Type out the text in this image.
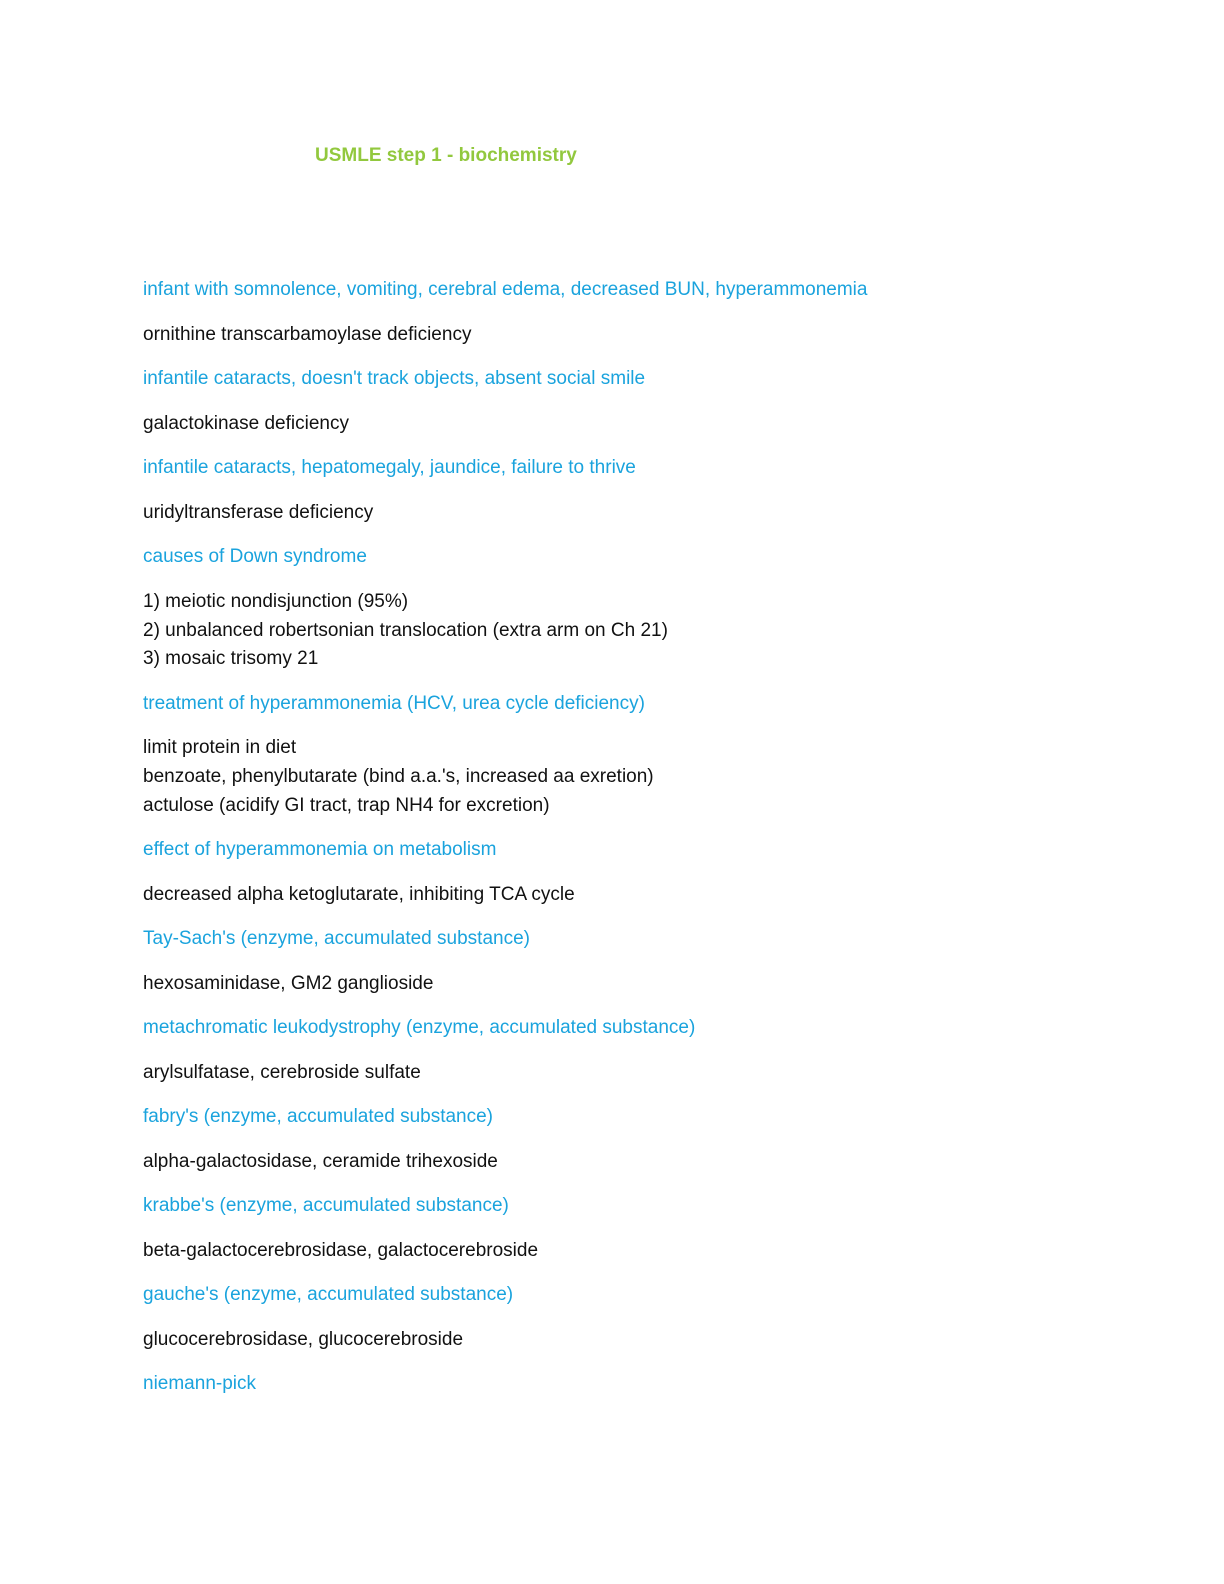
USMLE step 1 - biochemistry
infant with somnolence, vomiting, cerebral edema, decreased BUN, hyperammonemia
ornithine transcarbamoylase deficiency
infantile cataracts, doesn't track objects, absent social smile
galactokinase deficiency
infantile cataracts, hepatomegaly, jaundice, failure to thrive
uridyltransferase deficiency
causes of Down syndrome
1) meiotic nondisjunction (95%)
2) unbalanced robertsonian translocation (extra arm on Ch 21)
3) mosaic trisomy 21
treatment of hyperammonemia (HCV, urea cycle deficiency)
limit protein in diet
benzoate, phenylbutarate (bind a.a.'s, increased aa exretion)
actulose (acidify GI tract, trap NH4 for excretion)
effect of hyperammonemia on metabolism
decreased alpha ketoglutarate, inhibiting TCA cycle
Tay-Sach's (enzyme, accumulated substance)
hexosaminidase, GM2 ganglioside
metachromatic leukodystrophy (enzyme, accumulated substance)
arylsulfatase, cerebroside sulfate
fabry's (enzyme, accumulated substance)
alpha-galactosidase, ceramide trihexoside
krabbe's (enzyme, accumulated substance)
beta-galactocerebrosidase, galactocerebroside
gauche's (enzyme, accumulated substance)
glucocerebrosidase, glucocerebroside
niemann-pick
